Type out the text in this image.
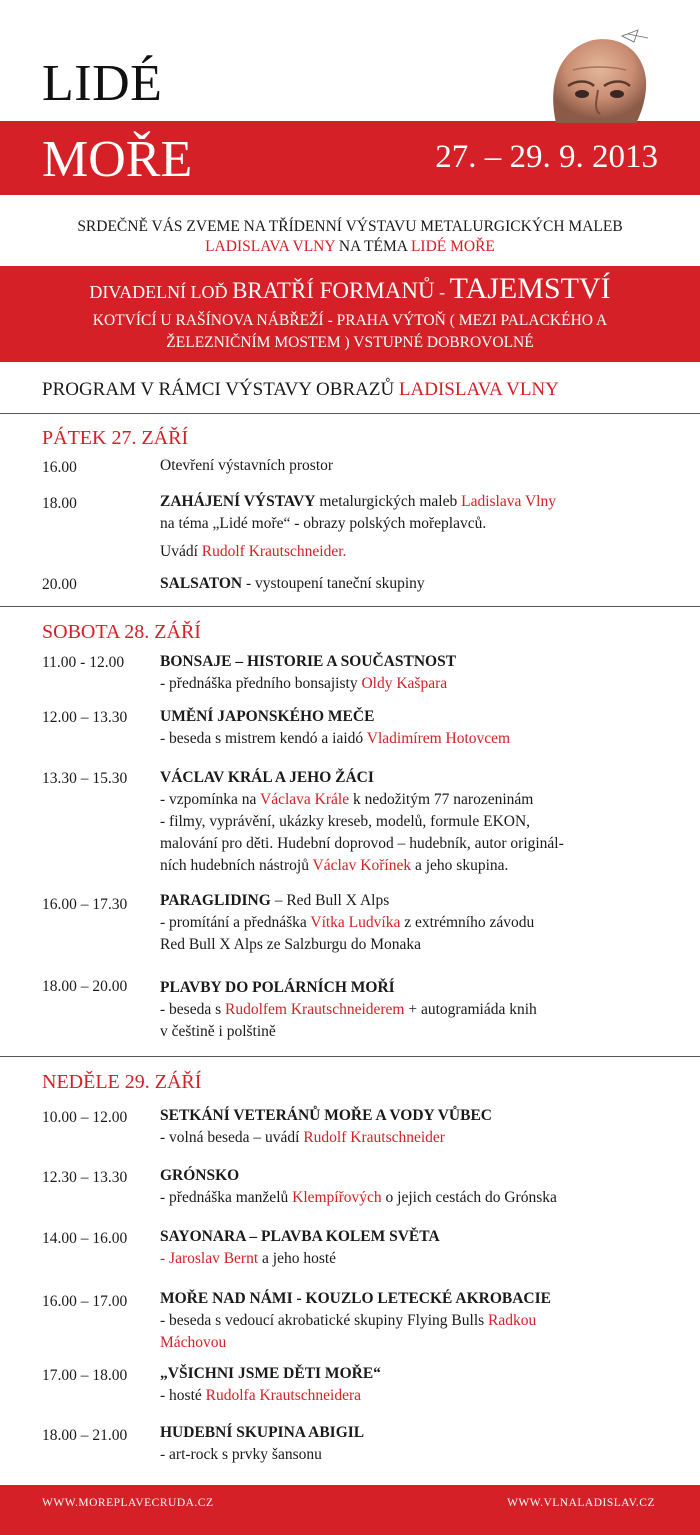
LIDÉ
MOŘE	27. – 29. 9. 2013

SRDEČNĚ VÁS ZVEME NA TŘÍDENNÍ VÝSTAVU METALURGICKÝCH MALEB

LADISLAVA VLNY NA TÉMA LIDÉ MOŘE

DIVADELNÍ LOĎ BRATŘÍ FORMANŮ - TAJEMSTVÍ

KOTVÍCÍ U RAŠÍNOVA NÁBŘEŽÍ - PRAHA VÝTOŇ ( MEZI PALACKÉHO A

ŽELEZNIČNÍM MOSTEM ) VSTUPNÉ DOBROVOLNÉ

PROGRAM V RÁMCI VÝSTAVY OBRAZŮ LADISLAVA VLNY
PÁTEK 27. ZÁŘÍ
16.00	Otevření výstavních prostor

18.00	ZAHÁJENÍ VÝSTAVY metalurgických maleb Ladislava Vlny

na téma „Lidé moře“ - obrazy polských mořeplavců.

Uvádí Rudolf Krautschneider.

20.00	SALSATON - vystoupení taneční skupiny

SOBOTA 28. ZÁŘÍ
11.00 - 12.00 BONSAJE – HISTORIE A SOUČASTNOST

- přednáška předního bonsajisty Oldy Kašpara

12.00 – 13.30 UMĚNÍ JAPONSKÉHO MEČE

- beseda s mistrem kendó a iaidó Vladimírem Hotovcem

13.30 – 15.30 VÁCLAV KRÁL A JEHO ŽÁCI

- vzpomínka na Václava Krále k nedožitým 77 narozeninám

- filmy, vyprávění, ukázky kreseb, modelů, formule EKON,

malování pro děti. Hudební doprovod – hudebník, autor originál-

ních hudebních nástrojů Václav Kořínek a jeho skupina.

16.00 – 17.30 PARAGLIDING – Red Bull X Alps

- promítání a přednáška Vítka Ludvíka z extrémního závodu

Red Bull X Alps ze Salzburgu do Monaka

18.00 – 20.00 PLAVBY DO POLÁRNÍCH MOŘÍ

- beseda s Rudolfem Krautschneiderem + autogramiáda knih

v češtině i polštině

NEDĚLE 29. ZÁŘÍ
10.00 – 12.00 SETKÁNÍ VETERÁNŮ MOŘE A VODY VŮBEC

- volná beseda – uvádí Rudolf Krautschneider

12.30 – 13.30 GRÓNSKO

- přednáška manželů Klempířových o jejich cestách do Grónska

14.00 – 16.00 SAYONARA – PLAVBA KOLEM SVĚTA

- Jaroslav Bernt a jeho hosté

16.00 – 17.00 MOŘE NAD NÁMI - KOUZLO LETECKÉ AKROBACIE

- beseda s vedoucí akrobatické skupiny Flying Bulls Radkou

Máchovou

17.00 – 18.00 „VŠICHNI JSME DĚTI MOŘE“

- hosté Rudolfa Krautschneidera

18.00 – 21.00 HUDEBNÍ SKUPINA ABIGIL

- art-rock s prvky šansonu

WWW.MOREPLAVECRUDA.CZ	WWW.VLNALADISLAV.CZ
